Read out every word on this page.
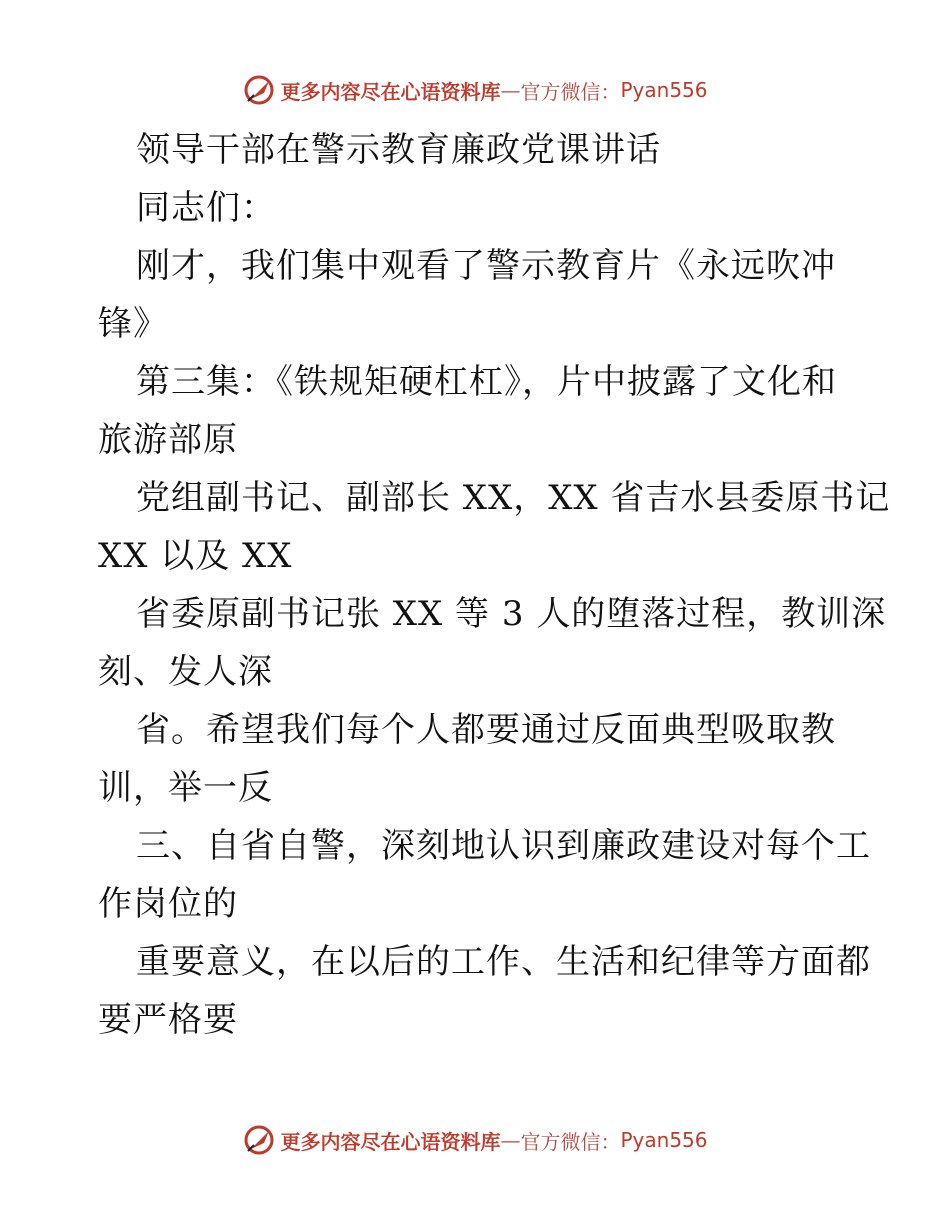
更多内容尽在心语资料库 — 官方微信： Pyan556
领导干部在警示教育廉政党课讲话
同志们：
刚才，我们集中观看了警示教育片《永远吹冲
锋》
第三集：《铁规矩硬杠杠》，片中披露了文化和
旅游部原
党组副书记、副部长 XX，XX 省吉水县委原书记
XX 以及 XX
省委原副书记张 XX 等 3 人的堕落过程，教训深
刻、发人深
省。希望我们每个人都要通过反面典型吸取教
训，举一反
三、自省自警，深刻地认识到廉政建设对每个工
作岗位的
重要意义，在以后的工作、生活和纪律等方面都
要严格要
更多内容尽在心语资料库 — 官方微信： Pyan556
